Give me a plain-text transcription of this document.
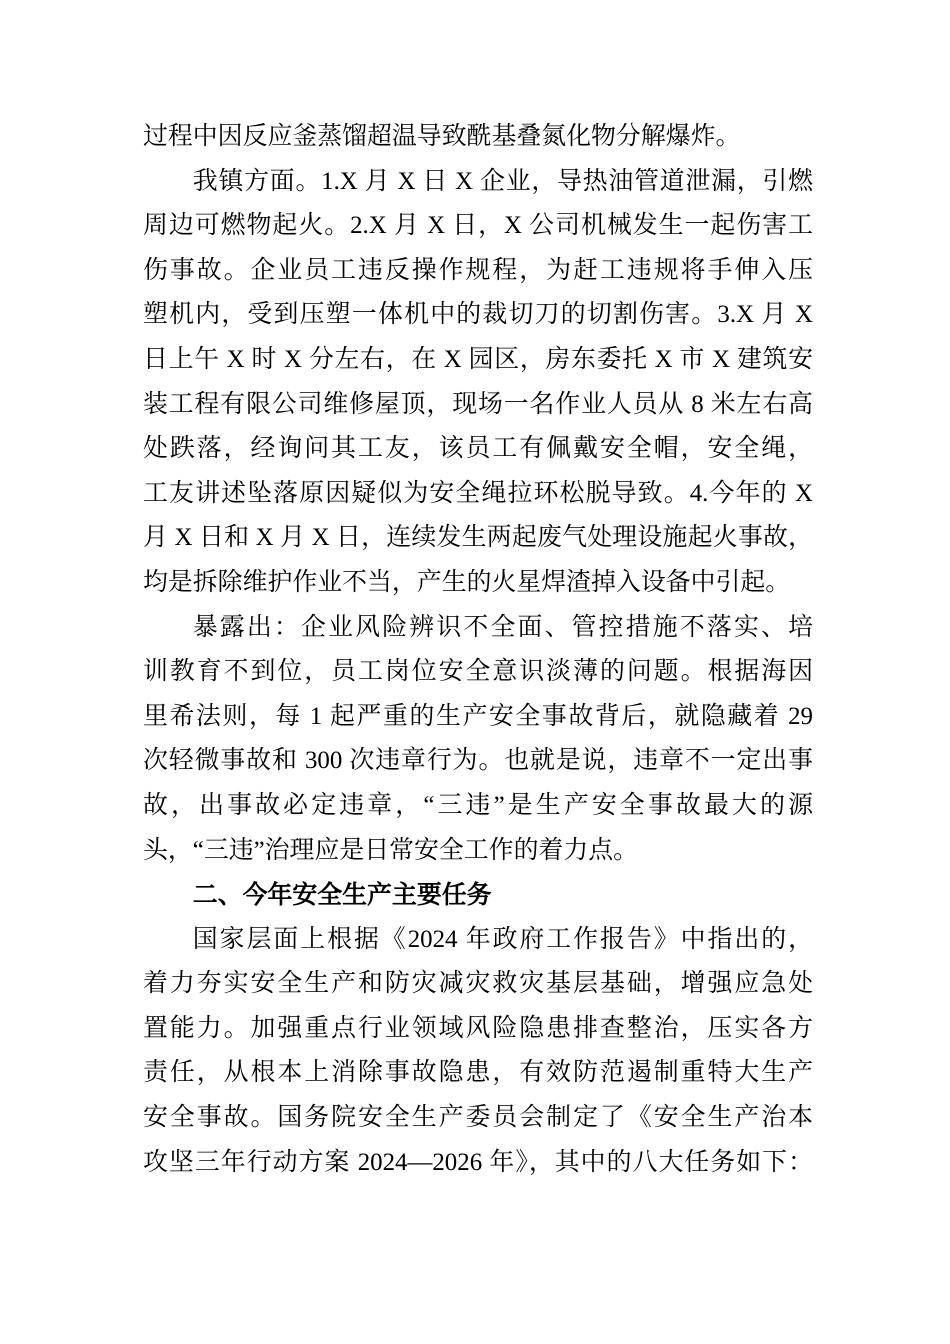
过程中因反应釜蒸馏超温导致酰基叠氮化物分解爆炸。
我镇方面。1.X 月 X 日 X 企业，导热油管道泄漏，引燃
周边可燃物起火。2.X 月 X 日，X 公司机械发生一起伤害工
伤事故。企业员工违反操作规程，为赶工违规将手伸入压
塑机内，受到压塑一体机中的裁切刀的切割伤害。3.X 月 X
日上午 X 时 X 分左右，在 X 园区，房东委托 X 市 X 建筑安
装工程有限公司维修屋顶，现场一名作业人员从 8 米左右高
处跌落，经询问其工友，该员工有佩戴安全帽，安全绳，
工友讲述坠落原因疑似为安全绳拉环松脱导致。4.今年的 X
月 X 日和 X 月 X 日，连续发生两起废气处理设施起火事故，
均是拆除维护作业不当，产生的火星焊渣掉入设备中引起。
暴露出：企业风险辨识不全面、管控措施不落实、培
训教育不到位，员工岗位安全意识淡薄的问题。根据海因
里希法则，每 1 起严重的生产安全事故背后，就隐藏着 29
次轻微事故和 300 次违章行为。也就是说，违章不一定出事
故，出事故必定违章，“三违”是生产安全事故最大的源
头，“三违”治理应是日常安全工作的着力点。
二、今年安全生产主要任务
国家层面上根据《2024 年政府工作报告》中指出的，
着力夯实安全生产和防灾减灾救灾基层基础，增强应急处
置能力。加强重点行业领域风险隐患排查整治，压实各方
责任，从根本上消除事故隐患，有效防范遏制重特大生产
安全事故。国务院安全生产委员会制定了《安全生产治本
攻坚三年行动方案 2024—2026 年》，其中的八大任务如下：
